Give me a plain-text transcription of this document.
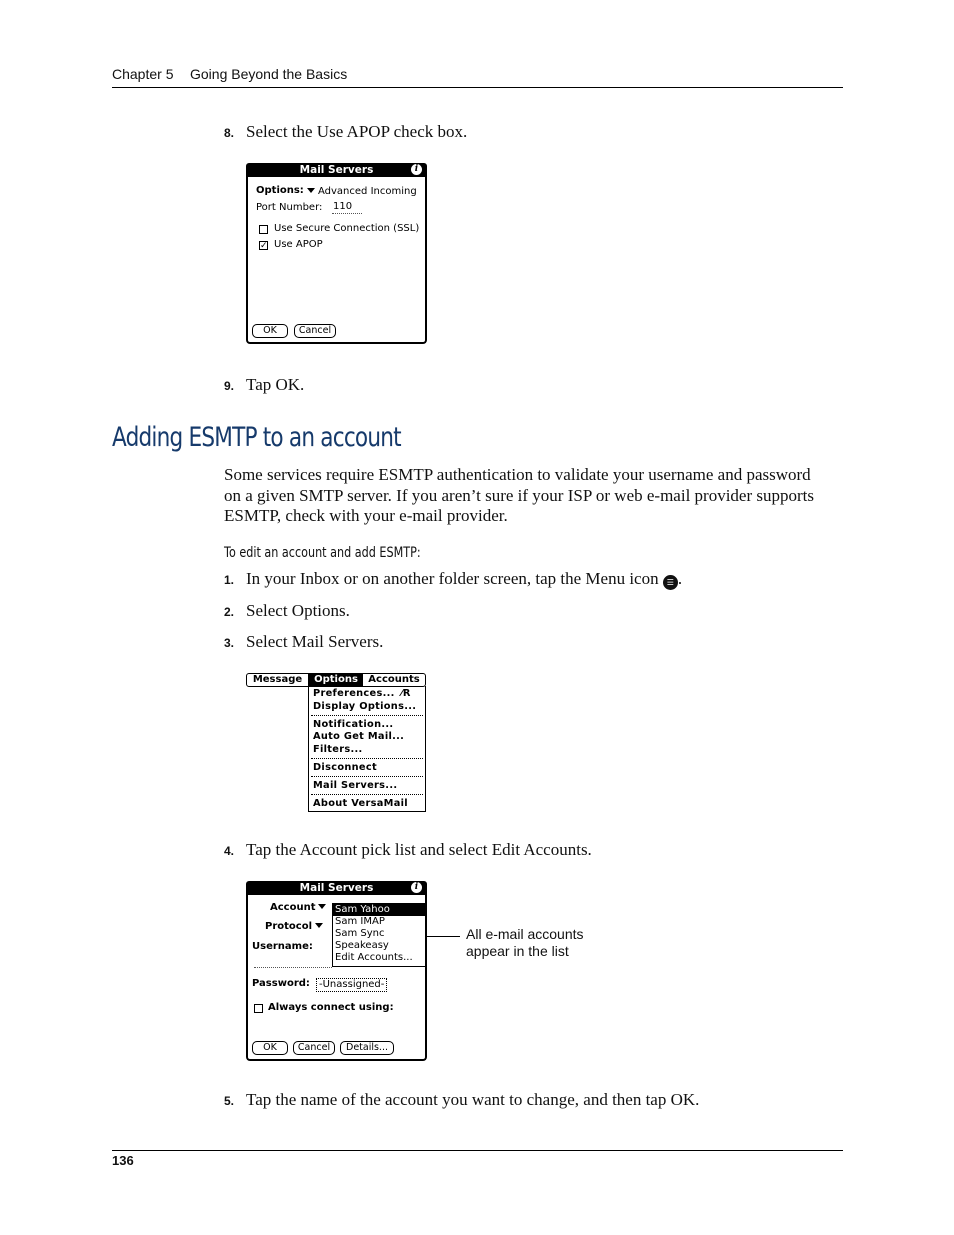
Chapter 5 Going Beyond the Basics
8. Select the Use APOP check box.
Mail Servers	i
Options:	Advanced Incoming
Port Number: 110
Use Secure Connection (SSL)
✓ Use APOP
OK	Cancel
9. Tap OK.
Adding ESMTP to an account
Some services require ESMTP authentication to validate your username and password on a given SMTP server. If you aren’t sure if your ISP or web e-mail provider supports ESMTP, check with your e-mail provider.
To edit an account and add ESMTP:
1. In your Inbox or on another folder screen, tap the Menu icon ☰ .
2. Select Options.
3. Select Mail Servers.
Message	Options	Accounts
Preferences... ⁄R
Display Options...
Notification...
Auto Get Mail...
Filters...
Disconnect
Mail Servers...
About VersaMail
4. Tap the Account pick list and select Edit Accounts.
Mail Servers	i
Account
Protocol
Username:
Sam Yahoo
Sam IMAP
Sam Sync
Speakeasy
Edit Accounts...
Password: -Unassigned-
Always connect using:
OK	Cancel	Details...
All e-mail accounts
appear in the list
5. Tap the name of the account you want to change, and then tap OK.
136
